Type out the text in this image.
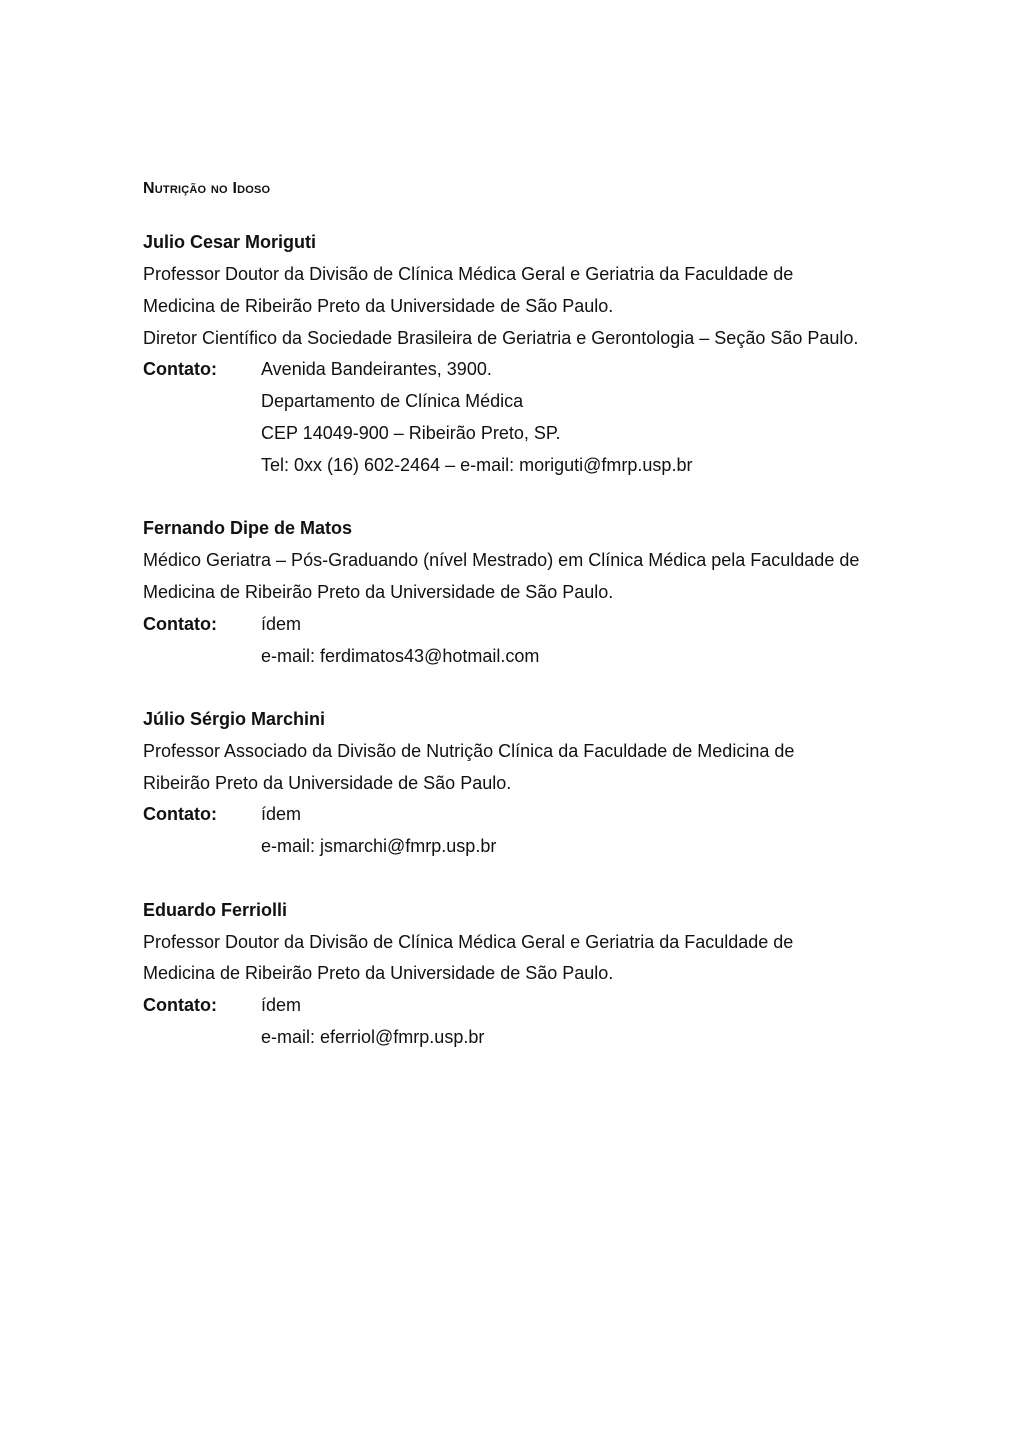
Nutrição no Idoso
Julio Cesar Moriguti
Professor Doutor da Divisão de Clínica Médica Geral e Geriatria da Faculdade de
Medicina de Ribeirão Preto da Universidade de São Paulo.
Diretor Científico da Sociedade Brasileira de Geriatria e Gerontologia – Seção São Paulo.
Contato: Avenida Bandeirantes, 3900.
Departamento de Clínica Médica
CEP 14049-900 – Ribeirão Preto, SP.
Tel: 0xx (16) 602-2464 – e-mail: moriguti@fmrp.usp.br
Fernando Dipe de Matos
Médico Geriatra – Pós-Graduando (nível Mestrado) em Clínica Médica pela Faculdade de
Medicina de Ribeirão Preto da Universidade de São Paulo.
Contato: ídem
e-mail: ferdimatos43@hotmail.com
Júlio Sérgio Marchini
Professor Associado da Divisão de Nutrição Clínica da Faculdade de Medicina de
Ribeirão Preto da Universidade de São Paulo.
Contato: ídem
e-mail: jsmarchi@fmrp.usp.br
Eduardo Ferriolli
Professor Doutor da Divisão de Clínica Médica Geral e Geriatria da Faculdade de
Medicina de Ribeirão Preto da Universidade de São Paulo.
Contato: ídem
e-mail: eferriol@fmrp.usp.br
